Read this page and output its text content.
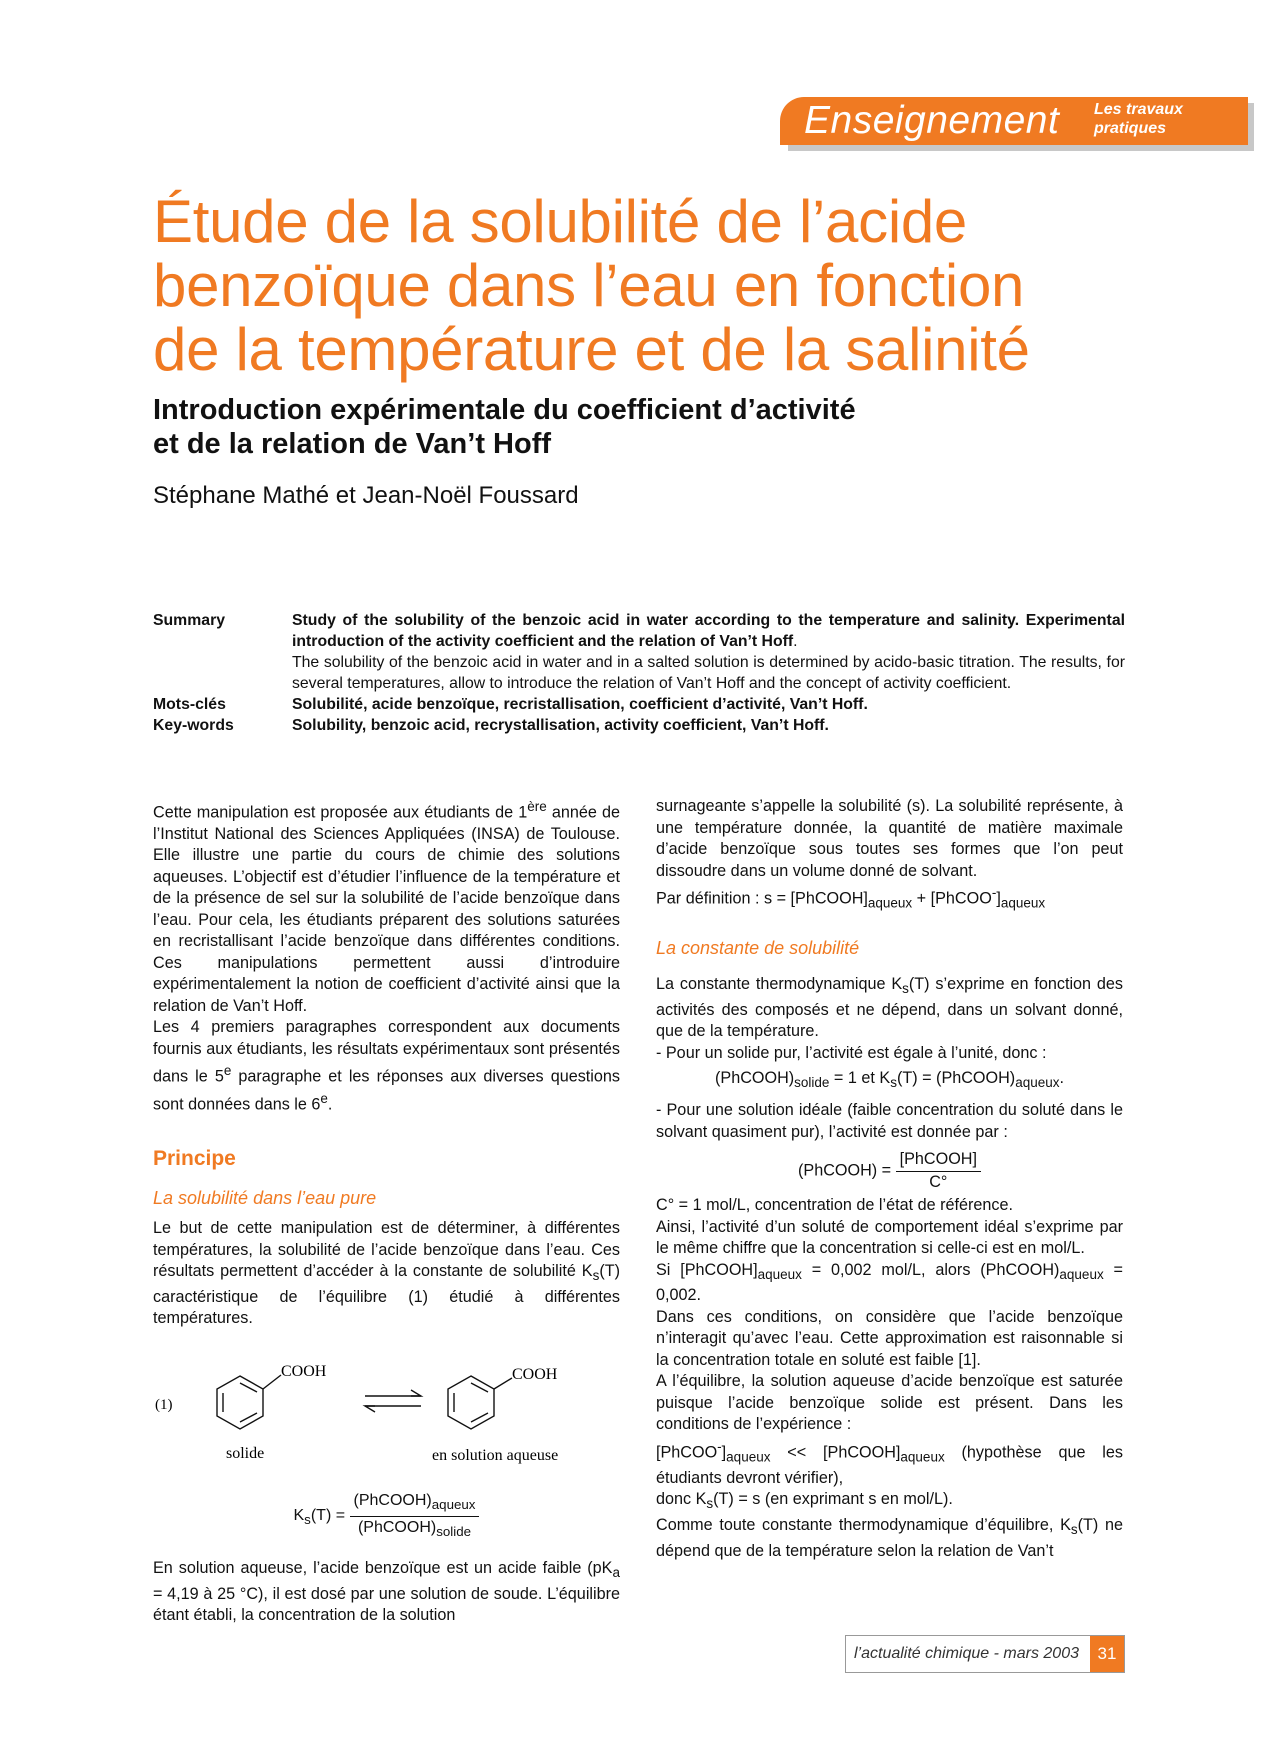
Enseignement Les travaux
pratiques
Étude de la solubilité de l’acide
benzoïque dans l’eau en fonction
de la température et de la salinité
Introduction expérimentale du coefficient d’activité
et de la relation de Van’t Hoff
Stéphane Mathé et Jean-Noël Foussard
Summary	Study of the solubility of the benzoic acid in water according to the temperature and salinity. Experimental introduction of the activity coefficient and the relation of Van’t Hoff.
The solubility of the benzoic acid in water and in a salted solution is determined by acido-basic titration. The results, for several temperatures, allow to introduce the relation of Van’t Hoff and the concept of activity coefficient.
Mots-clés	Solubilité, acide benzoïque, recristallisation, coefficient d’activité, Van’t Hoff.
Key-words	Solubility, benzoic acid, recrystallisation, activity coefficient, Van’t Hoff.

Cette manipulation est proposée aux étudiants de 1ère année de l’Institut National des Sciences Appliquées (INSA) de Toulouse. Elle illustre une partie du cours de chimie des solutions aqueuses. L’objectif est d’étudier l’influence de la température et de la présence de sel sur la solubilité de l’acide benzoïque dans l’eau. Pour cela, les étudiants préparent des solutions saturées en recristallisant l’acide benzoïque dans différentes conditions. Ces manipulations permettent aussi d’introduire expérimentalement la notion de coefficient d’activité ainsi que la relation de Van’t Hoff.

Les 4 premiers paragraphes correspondent aux documents fournis aux étudiants, les résultats expérimentaux sont présentés dans le 5e paragraphe et les réponses aux diverses questions sont données dans le 6e.

Principe
La solubilité dans l’eau pure

Le but de cette manipulation est de déterminer, à différentes températures, la solubilité de l’acide benzoïque dans l’eau. Ces résultats permettent d’accéder à la constante de solubilité $K_s(T)$ caractéristique de l’équilibre (1) étudié à différentes températures.

(1)
COOH	COOH
solide	en solution aqueuse
$K_s(T) = \frac{(PhCOOH)_{aqueux}}{(PhCOOH)_{solide}}$

En solution aqueuse, l’acide benzoïque est un acide faible ($pK_a = 4,19$ à 25 °C), il est dosé par une solution de soude. L’équilibre étant établi, la concentration de la solution

surnageante s’appelle la solubilité (s). La solubilité représente, à une température donnée, la quantité de matière maximale d’acide benzoïque sous toutes ses formes que l’on peut dissoudre dans un volume donné de solvant.

Par définition : $s = [PhCOOH]_{aqueux}$ + $[PhCOO^-]_{aqueux}$

La constante de solubilité

La constante thermodynamique $K_s(T)$ s’exprime en fonction des activités des composés et ne dépend, dans un solvant donné, que de la température.

- Pour un solide pur, l’activité est égale à l’unité, donc :

$(PhCOOH)_{solide} = 1$ et $K_s(T)$ = $(PhCOOH)_{aqueux}$.

- Pour une solution idéale (faible concentration du soluté dans le solvant quasiment pur), l’activité est donnée par :

(PhCOOH) = $\frac{\text{[PhCOOH]}}{C^\circ}$

C° = 1 mol/L, concentration de l’état de référence.

Ainsi, l’activité d’un soluté de comportement idéal s’exprime par le même chiffre que la concentration si celle-ci est en mol/L.

Si $[PhCOOH]_{aqueux} = 0,002$ mol/L, alors $(PhCOOH)_{aqueux} = 0,002$.

Dans ces conditions, on considère que l’acide benzoïque n’interagit qu’avec l’eau. Cette approximation est raisonnable si la concentration totale en soluté est faible [1].

A l’équilibre, la solution aqueuse d’acide benzoïque est saturée puisque l’acide benzoïque solide est présent. Dans les conditions de l’expérience :

$[PhCOO^-]_{aqueux}$ << $[PhCOOH]_{aqueux}$ (hypothèse que les étudiants devront vérifier),

donc $K_s(T) = s$ (en exprimant s en mol/L).

Comme toute constante thermodynamique d’équilibre, $K_s(T)$ ne dépend que de la température selon la relation de Van’t

l’actualité chimique - mars 2003	31
